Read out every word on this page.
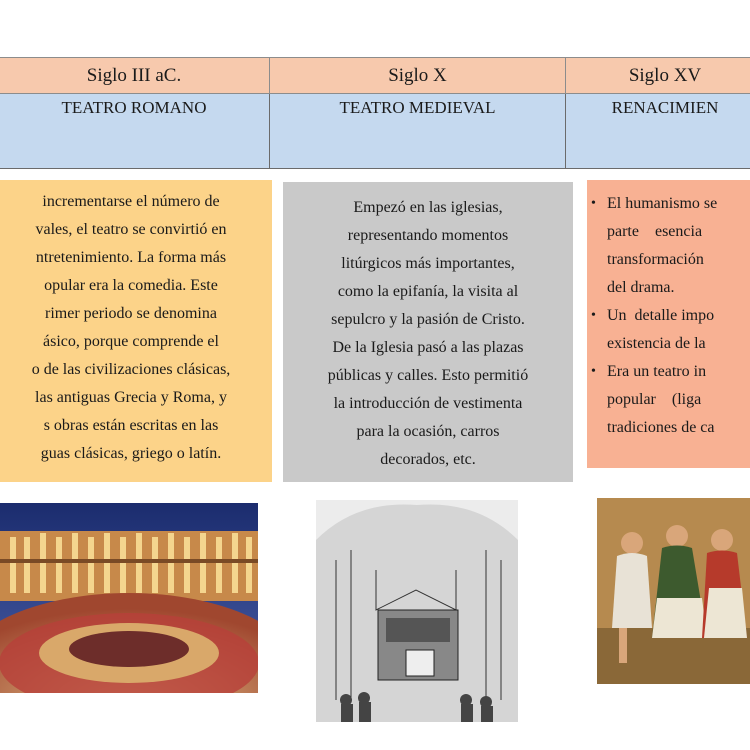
Siglo III aC.	Siglo X	Siglo XV
TEATRO ROMANO	TEATRO MEDIEVAL	RENACIMIEN
incrementarse el número de
vales, el teatro se convirtió en
ntretenimiento. La forma más
opular era la comedia. Este
rimer periodo se denomina
ásico, porque comprende el
o de las civilizaciones clásicas,
las antiguas Grecia y Roma, y
s obras están escritas en las
guas clásicas, griego o latín.
Empezó en las iglesias,
representando momentos
litúrgicos más importantes,
como la epifanía, la visita al
sepulcro y la pasión de Cristo.
De la Iglesia pasó a las plazas
públicas y calles. Esto permitió
la introducción de vestimenta
para la ocasión, carros
decorados, etc.
• El humanismo se
parte    esencia
transformación
del drama.
• Un  detalle impo
existencia de la
• Era un teatro in
popular    (liga
tradiciones de ca
